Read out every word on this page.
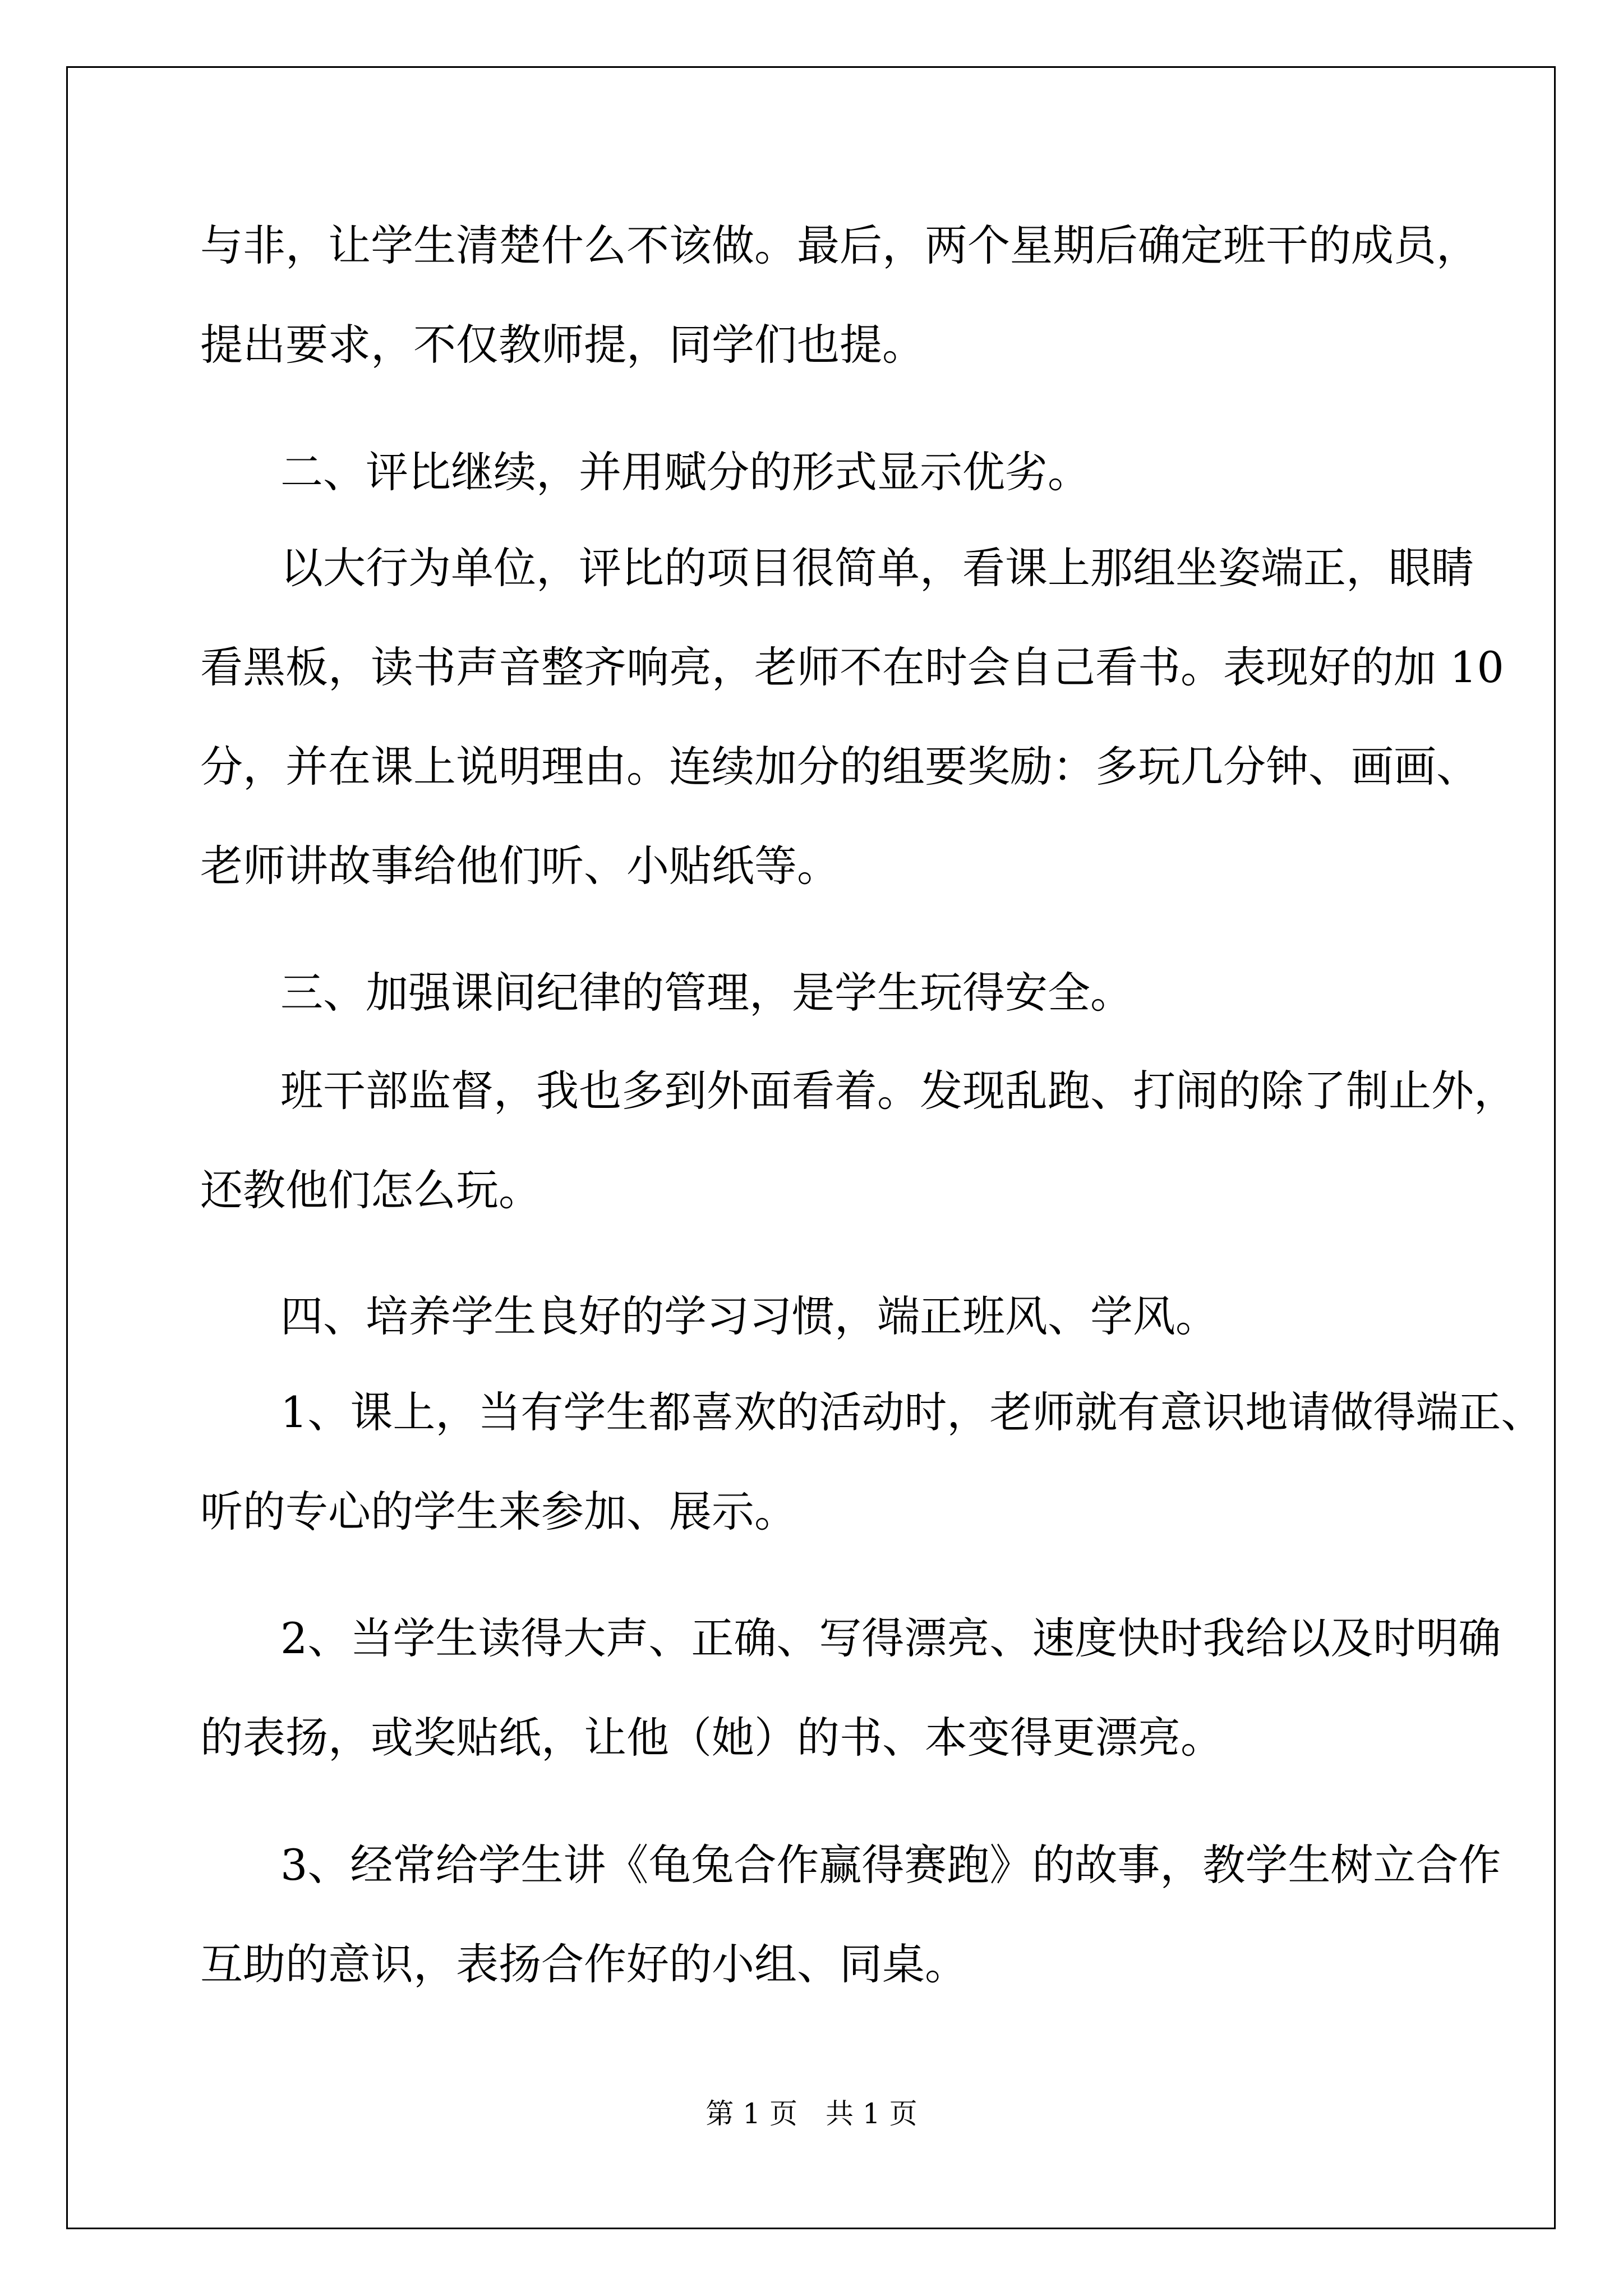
与非，让学生清楚什么不该做。最后，两个星期后确定班干的成员，
提出要求，不仅教师提，同学们也提。
二、评比继续，并用赋分的形式显示优劣。
以大行为单位，评比的项目很简单，看课上那组坐姿端正，眼睛
看黑板，读书声音整齐响亮，老师不在时会自己看书。表现好的加 10
分，并在课上说明理由。连续加分的组要奖励：多玩几分钟、画画、
老师讲故事给他们听、小贴纸等。
三、加强课间纪律的管理，是学生玩得安全。
班干部监督，我也多到外面看着。发现乱跑、打闹的除了制止外，
还教他们怎么玩。
四、培养学生良好的学习习惯，端正班风、学风。
1、课上，当有学生都喜欢的活动时，老师就有意识地请做得端正、
听的专心的学生来参加、展示。
2、当学生读得大声、正确、写得漂亮、速度快时我给以及时明确
的表扬，或奖贴纸，让他（她）的书、本变得更漂亮。
3、经常给学生讲《龟兔合作赢得赛跑》的故事，教学生树立合作
互助的意识，表扬合作好的小组、同桌。
第 1 页　共 1 页
